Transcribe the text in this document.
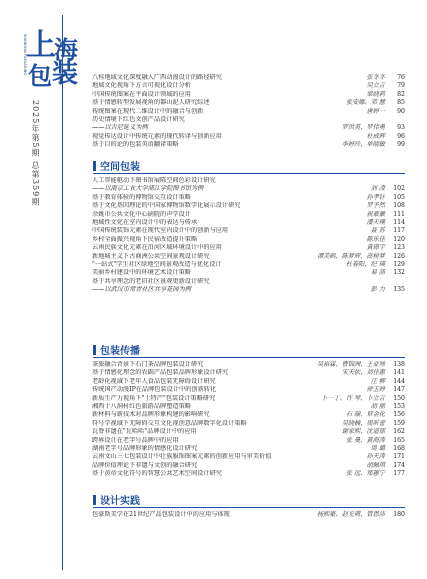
上
海
包 装
SHANGHAI PACKAGING
2025年第5期 总第359期
八桂地域文化深度融入广西动漫设计的路径研究	张冬冬	76
地域文化视角下方言可视化设计分析	吴立言	79
中国传统图案在平面设计领域的应用	梁晓莉	82
基于情感转型发展视角的器山泥人研究综述	张安娜、邓 慧	85
传统图案在现代二维设计中的融合与创新	唐婷一	90
历史情境下红色文创产品设计研究
——以吉尼延义为例	罗洪英、罗伟勇	93
视觉传达设计中传统元素的现代转译与创新应用	杜成辉	96
基于目的论的包装英语翻译策略	李婷玲、单晴敏	99
空间包装
人工智能驱动下图书馆展陈空间色彩设计研究
——以南京工业大学浦江学院图书馆为例	刘 凌	102
基于教育体验的博物馆交互设计策略	孙孝针	105
基于文化基因理论的中国家博物馆数字化展示设计研究	罗予然	108
余姚市公共文化中心剧院的声学设计	祝豪徽	111
地域性文化在室内设计中的表达与传承	潘天瑾	114
中国传统装饰元素在现代室内设计中的创新与应用	聂 苏	117
乡村全面振兴视角下民宿改造提升策略	陈乐佳	120
云南民族文化元素在沿河区域环境设计中的应用	黄璟宇	123
新地城主义下古商洲公共空间景观设计研究	谭美鹤、陈梦辉、高树梦	126
"一站式"学生社区绿地空间景观改造与优化设计	杜春阳、纪 瑛	129
美丽乡村建设中的环境艺术设计策略	易 浦	132
基于共享理念的老旧社区景观更新设计研究
——以武汉市常青社区共享花园为例	彭 力	135
包装传播
茶旅融合背景下石门茶品牌包装设计研究	吴裕霖、曹锦洲、王亚帅	138
基于情感化理念的农副产品包装品牌形象设计研究	宋天依、刘佳惠	141
老龄化视域下老年人食品包装无障碍设计研究	汪 柳	144
传统国产动漫IP在品牌包装设计中的创新转化	徐玉婷	147
新质生产力视角下"土特产"包装设计策略研究	卜一丁、许 琴、卜立言	150
湘西十八洞村红色旅游品牌塑造策略	胡 丽	153
新材料与新技术对品牌形象构建的影响研究	石 瑞、覃金化	156
符号学视域下无障碍交互文化视创意品牌数字化设计策略	吴晓楠、周昕蕾	159
瓦脊非遗在"瓦哈哈"品牌设计中的应用	谢家熙、沈道郁	162
跨界设计在老字号品牌中的应用	张 曼、黄海涛	165
湖南老字号品牌形象的情感化设计研究	周 璐	168
云南文山三七包装设计中壮族服饰图案元素的创新应用与审美价值	孙天涛	171
品牌价值理论下非遗与文创的融合研究	胡佩琪	174
基于黄帝文化符号的智慧公共艺术空间设计研究	张 远、郑蕙宁	177
设计实践
包豪斯美学在21世纪产品包装设计中的应用与体现	杨熙豪、赵光萌、管恩沛	180
